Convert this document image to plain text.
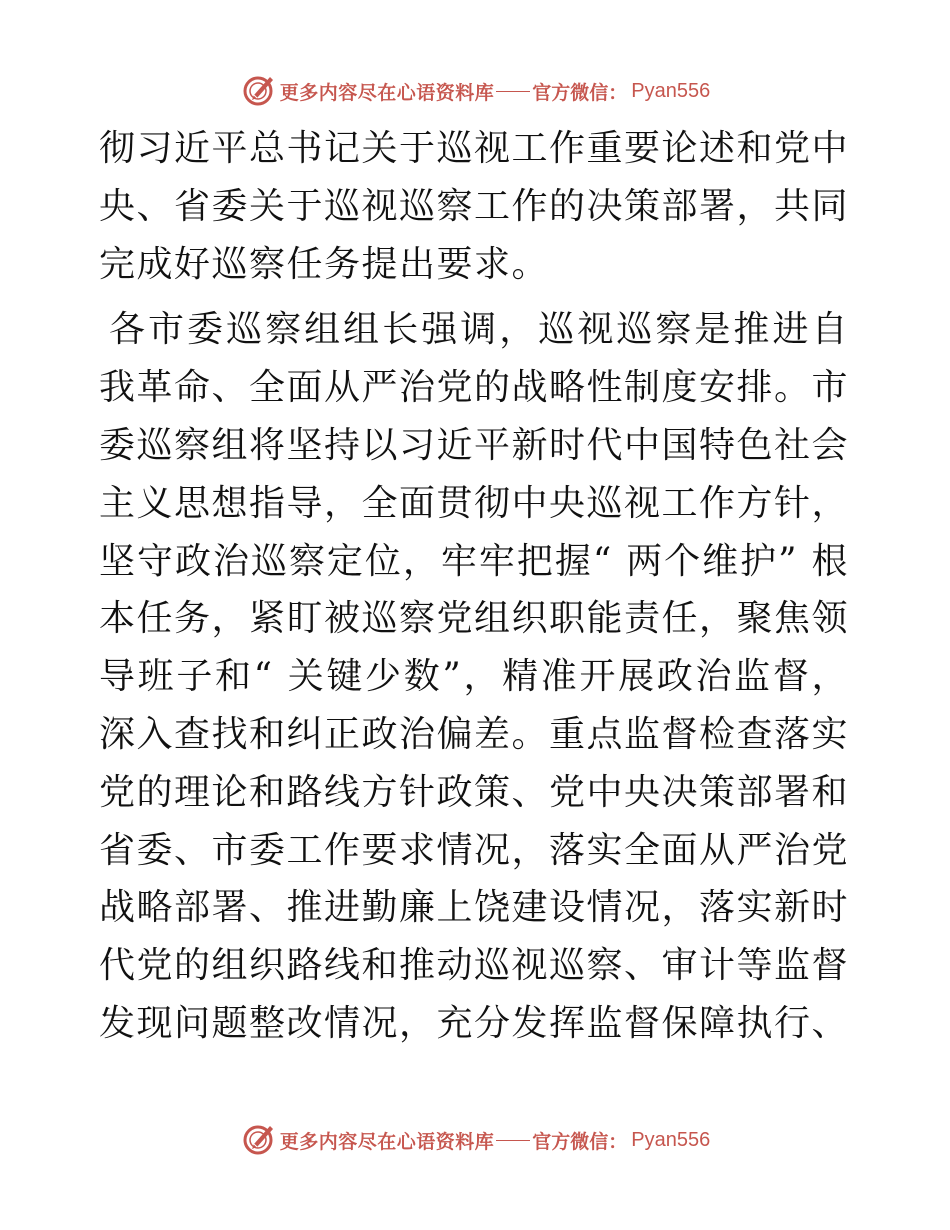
更多内容尽在心语资料库 官方微信： Pyan556

彻习近平总书记关于巡视工作重要论述和党中央、省委关于巡视巡察工作的决策部署，共同完成好巡察任务提出要求。

各市委巡察组组长强调，巡视巡察是推进自我革命、全面从严治党的战略性制度安排。市委巡察组将坚持以习近平新时代中国特色社会主义思想指导，全面贯彻中央巡视工作方针，坚守政治巡察定位，牢牢把握“ 两个维护” 根本任务，紧盯被巡察党组织职能责任，聚焦领导班子和“ 关键少数”，精准开展政治监督，深入查找和纠正政治偏差。重点监督检查落实党的理论和路线方针政策、党中央决策部署和省委、市委工作要求情况，落实全面从严治党战略部署、推进勤廉上饶建设情况，落实新时代党的组织路线和推动巡视巡察、审计等监督发现问题整改情况，充分发挥监督保障执行、

更多内容尽在心语资料库 官方微信： Pyan556
